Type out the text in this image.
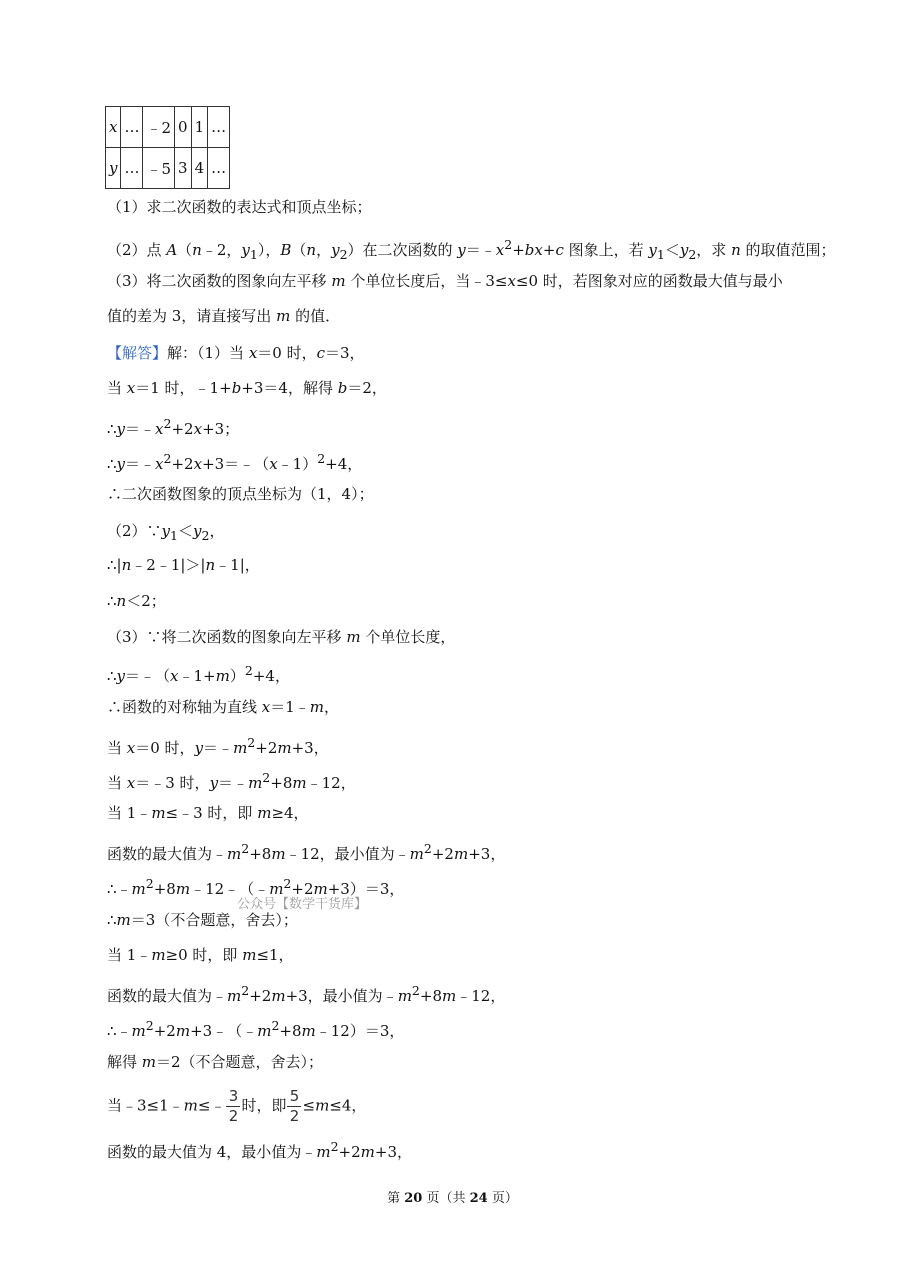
x	…	﹣2	0	1	…
y	…	﹣5	3	4	…
（1）求二次函数的表达式和顶点坐标；
（2）点 A（n﹣2，$y_1$），B（n，$y_2$）在二次函数的 $y=﹣x^2+bx+c$ 图象上，若 $y_1<y_2$，求 n 的取值范围；
（3）将二次函数的图象向左平移 m 个单位长度后，当﹣3≤x≤0 时，若图象对应的函数最大值与最小
值的差为 3，请直接写出 m 的值．
【解答】解：（1）当 x＝0 时，c＝3，
当 x＝1 时，﹣1+b+3＝4，解得 b＝2，
$\therefore y=﹣x^2+2x+3$；
$\therefore y=﹣x^2+2x+3=﹣(x﹣1)^2+4$，
∴二次函数图象的顶点坐标为（1，4）；
$(2)\because y_1<y_2$，
∴|n﹣2﹣1|＞|n﹣1|，
∴n＜2；
（3）∵将二次函数的图象向左平移 m 个单位长度，
∴y＝﹣（x﹣1+m）$^2$+4，
∴函数的对称轴为直线 x＝1﹣m，
当 x＝0 时，$y=﹣m^2+2m+3$，
当 x＝﹣3 时，$y=﹣m^2+8m﹣12$，
当 1﹣m≤﹣3 时，即 m≥4，
函数的最大值为$﹣m^2+8m﹣12$，最小值为$﹣m^2+2m+3$，
$\therefore﹣m^2+8m﹣12﹣(﹣m^2+2m+3)=3$，
∴m＝3（不合题意，舍去）；
当 1﹣m≥0 时，即 m≤1，
函数的最大值为$﹣m^2+2m+3$，最小值为$﹣m^2+8m﹣12$，
$\therefore﹣m^2+2m+3﹣(﹣m^2+8m﹣12)=3$，
解得 m＝2（不合题意，舍去）；
当﹣3≤1﹣m≤﹣ $\frac{3}{2}$ 时，即 $\frac{5}{2} \le m\le 4$，
函数的最大值为 4，最小值为$﹣m^2+2m+3$，
公众号【数学干货库】
第 20 页（共 24 页）
